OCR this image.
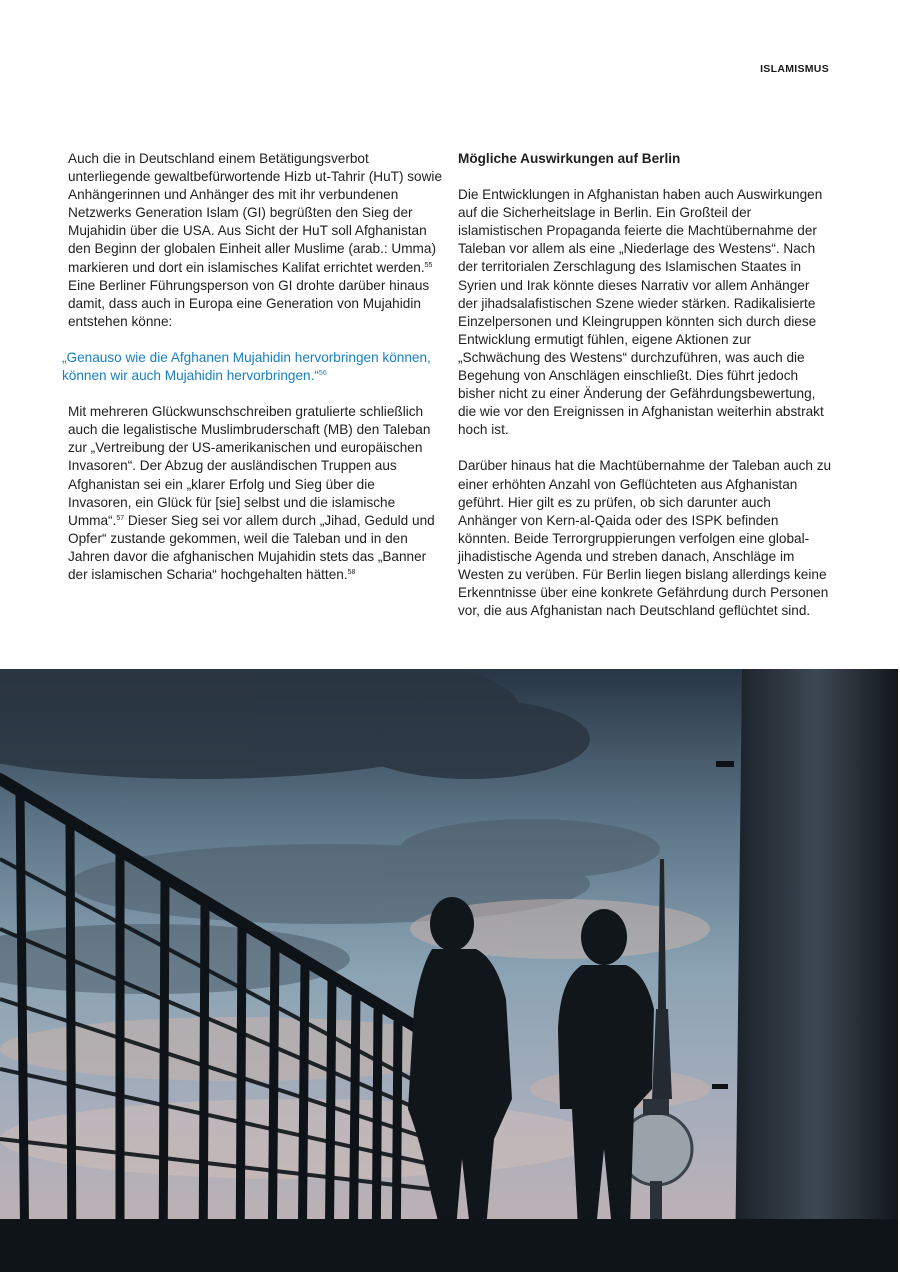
ISLAMISMUS

Auch die in Deutschland einem Betätigungsverbot unterliegende gewaltbefürwortende Hizb ut-Tahrir (HuT) sowie Anhängerinnen und Anhänger des mit ihr verbundenen Netzwerks Generation Islam (GI) begrüßten den Sieg der Mujahidin über die USA. Aus Sicht der HuT soll Afghanistan den Beginn der globalen Einheit aller Muslime (arab.: Umma) markieren und dort ein islamisches Kalifat errichtet werden.$^{55}$ Eine Berliner Führungsperson von GI drohte darüber hinaus damit, dass auch in Europa eine Generation von Mujahidin entstehen könne:

„Genauso wie die Afghanen Mujahidin hervorbringen können, können wir auch Mujahidin hervorbringen.“$^{56}$

Mit mehreren Glückwunschschreiben gratulierte schließlich auch die legalistische Muslimbruderschaft (MB) den Taleban zur „Vertreibung der US-amerikanischen und europäischen Invasoren“. Der Abzug der ausländischen Truppen aus Afghanistan sei ein „klarer Erfolg und Sieg über die Invasoren, ein Glück für [sie] selbst und die islamische Umma“.$^{57}$ Dieser Sieg sei vor allem durch „Jihad, Geduld und Opfer“ zustande gekommen, weil die Taleban und in den Jahren davor die afghanischen Mujahidin stets das „Banner der islamischen Scharia“ hochgehalten hätten.$^{58}$

Mögliche Auswirkungen auf Berlin

Die Entwicklungen in Afghanistan haben auch Auswirkungen auf die Sicherheitslage in Berlin. Ein Großteil der islamistischen Propaganda feierte die Machtübernahme der Taleban vor allem als eine „Niederlage des Westens“. Nach der territorialen Zerschlagung des Islamischen Staates in Syrien und Irak könnte dieses Narrativ vor allem Anhänger der jihadsalafistischen Szene wieder stärken. Radikalisierte Einzelpersonen und Kleingruppen könnten sich durch diese Entwicklung ermutigt fühlen, eigene Aktionen zur „Schwächung des Westens“ durchzuführen, was auch die Begehung von Anschlägen einschließt. Dies führt jedoch bisher nicht zu einer Änderung der Gefährdungsbewertung, die wie vor den Ereignissen in Afghanistan weiterhin abstrakt hoch ist.

Darüber hinaus hat die Machtübernahme der Taleban auch zu einer erhöhten Anzahl von Geflüchteten aus Afghanistan geführt. Hier gilt es zu prüfen, ob sich darunter auch Anhänger von Kern-al-Qaida oder des ISPK befinden könnten. Beide Terrorgruppierungen verfolgen eine global-jihadistische Agenda und streben danach, Anschläge im Westen zu verüben. Für Berlin liegen bislang allerdings keine Erkenntnisse über eine konkrete Gefährdung durch Personen vor, die aus Afghanistan nach Deutschland geflüchtet sind.
